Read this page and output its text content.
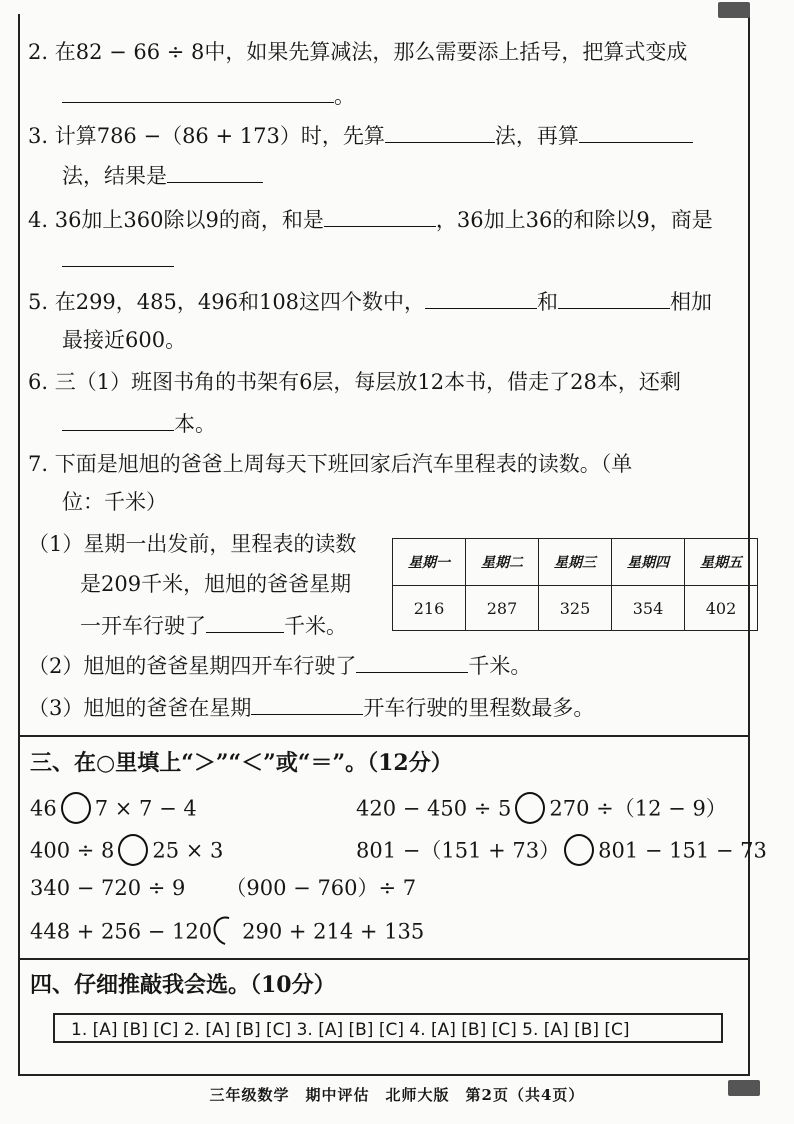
2. 在82 − 66 ÷ 8中，如果先算减法，那么需要添上括号，把算式变成
。
3. 计算786 −（86 + 173）时，先算	法，再算
法，结果是
4. 36加上360除以9的商，和是	，36加上36的和除以9，商是
5. 在299，485，496和108这四个数中，	和	相加
最接近600。
6. 三（1）班图书角的书架有6层，每层放12本书，借走了28本，还剩
本。
7. 下面是旭旭的爸爸上周每天下班回家后汽车里程表的读数。（单
位：千米）
（1）星期一出发前，里程表的读数
是209千米，旭旭的爸爸星期
一开车行驶了	千米。
星期一	星期二	星期三	星期四	星期五
216	287	325	354	402
（2）旭旭的爸爸星期四开车行驶了	千米。
（3）旭旭的爸爸在星期	开车行驶的里程数最多。
三、在○里填上“＞”“＜”或“＝”。（12分）
46 7 × 7 − 4	420 − 450 ÷ 5 270 ÷（12 − 9）
400 ÷ 8 25 × 3	801 −（151 + 73） 801 − 151 − 73
340 − 720 ÷ 9 （900 − 760）÷ 7
448 + 256 − 120 290 + 214 + 135
四、仔细推敲我会选。（10分）
1. [A] [B] [C] 2. [A] [B] [C] 3. [A] [B] [C] 4. [A] [B] [C] 5. [A] [B] [C]
三年级数学　期中评估　北师大版　第2页（共4页）
